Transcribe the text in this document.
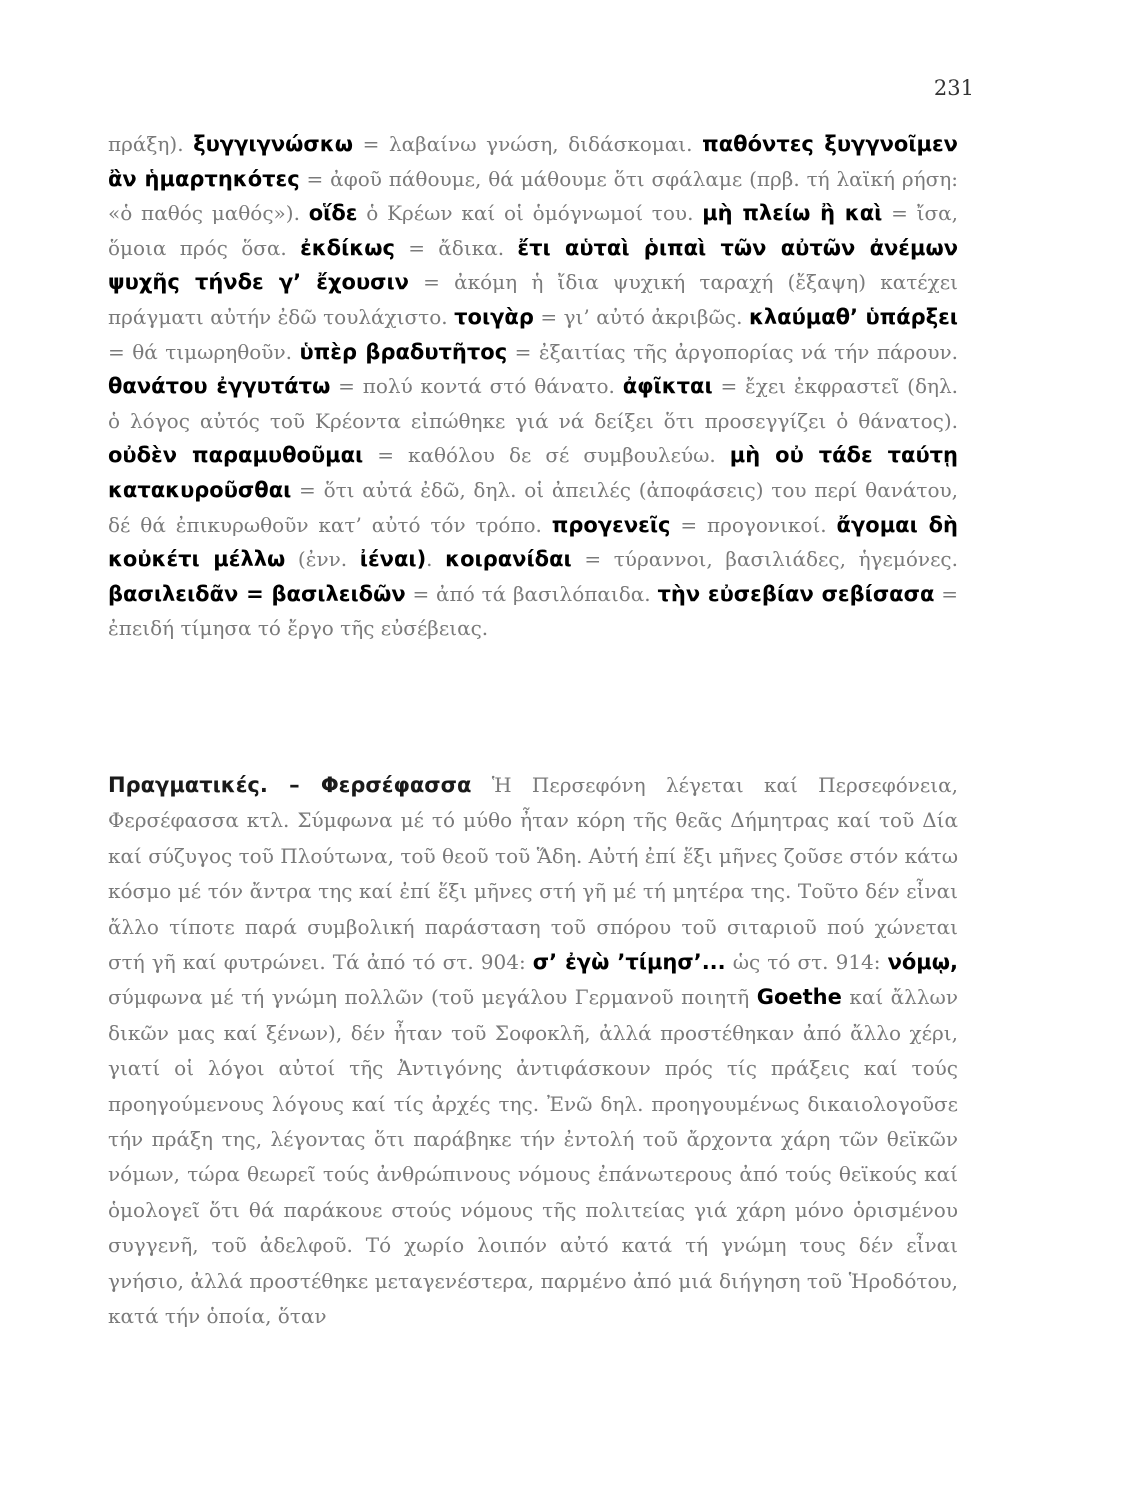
231

πράξη). ξυγγιγνώσκω = λαβαίνω γνώση, διδάσκομαι. παθόντες ξυγγνοῖμεν ἂν ἡμαρτηκότες = ἀφοῦ πάθουμε, θά μάθουμε ὅτι σφάλαμε (πρβ. τή λαϊκή ρήση: «ὁ παθός μαθός»). οἵδε ὁ Κρέων καί οἱ ὁμόγνωμοί του. μὴ πλείω ἢ καὶ = ἴσα, ὅμοια πρός ὅσα. ἐκδίκως = ἄδικα. ἔτι αὑταὶ ῥιπαὶ τῶν αὐτῶν ἀνέμων ψυχῆς τήνδε γ’ ἔχουσιν = ἀκόμη ἡ ἴδια ψυχική ταραχή (ἔξαψη) κατέχει πράγματι αὐτήν ἐδῶ τουλάχιστο. τοιγὰρ = γι’ αὐτό ἀκριβῶς. κλαύμαθ’ ὑπάρξει = θά τιμωρηθοῦν. ὑπὲρ βραδυτῆτος = ἐξαιτίας τῆς ἀργοπορίας νά τήν πάρουν. θανάτου ἐγγυτάτω = πολύ κοντά στό θάνατο. ἀφῖκται = ἔχει ἐκφραστεῖ (δηλ. ὁ λόγος αὐτός τοῦ Κρέοντα εἰπώθηκε γιά νά δείξει ὅτι προσεγγίζει ὁ θάνατος). οὐδὲν παραμυθοῦμαι = καθόλου δε σέ συμβουλεύω. μὴ οὐ τάδε ταύτῃ κατακυροῦσθαι = ὅτι αὐτά ἐδῶ, δηλ. οἱ ἀπειλές (ἀποφάσεις) του περί θανάτου, δέ θά ἐπικυρωθοῦν κατ’ αὐτό τόν τρόπο. προγενεῖς = προγονικοί. ἄγομαι δὴ κοὐκέτι μέλλω (ἐνν. ἰέναι). κοιρανίδαι = τύραννοι, βασιλιάδες, ἡγεμόνες. βασιλειδᾶν = βασιλειδῶν = ἀπό τά βασιλόπαιδα. τὴν εὐσεβίαν σεβίσασα = ἐπειδή τίμησα τό ἔργο τῆς εὐσέβειας.

Πραγματικές. – Φερσέφασσα Ἡ Περσεφόνη λέγεται καί Περσεφόνεια, Φερσέφασσα κτλ. Σύμφωνα μέ τό μύθο ἦταν κόρη τῆς θεᾶς Δήμητρας καί τοῦ Δία καί σύζυγος τοῦ Πλούτωνα, τοῦ θεοῦ τοῦ Ἅδη. Αὐτή ἐπί ἕξι μῆνες ζοῦσε στόν κάτω κόσμο μέ τόν ἄντρα της καί ἐπί ἕξι μῆνες στή γῆ μέ τή μητέρα της. Τοῦτο δέν εἶναι ἄλλο τίποτε παρά συμβολική παράσταση τοῦ σπόρου τοῦ σιταριοῦ πού χώνεται στή γῆ καί φυτρώνει. Τά ἀπό τό στ. 904: σ’ ἐγὼ ’τίμησ’... ὡς τό στ. 914: νόμῳ, σύμφωνα μέ τή γνώμη πολλῶν (τοῦ μεγάλου Γερμανοῦ ποιητῆ Goethe καί ἄλλων δικῶν μας καί ξένων), δέν ἦταν τοῦ Σοφοκλῆ, ἀλλά προστέθηκαν ἀπό ἄλλο χέρι, γιατί οἱ λόγοι αὐτοί τῆς Ἀντιγόνης ἀντιφάσκουν πρός τίς πράξεις καί τούς προηγούμενους λόγους καί τίς ἀρχές της. Ἐνῶ δηλ. προηγουμένως δικαιολογοῦσε τήν πράξη της, λέγοντας ὅτι παράβηκε τήν ἐντολή τοῦ ἄρχοντα χάρη τῶν θεϊκῶν νόμων, τώρα θεωρεῖ τούς ἀνθρώπινους νόμους ἐπάνωτερους ἀπό τούς θεϊκούς καί ὁμολογεῖ ὅτι θά παράκουε στούς νόμους τῆς πολιτείας γιά χάρη μόνο ὁρισμένου συγγενῆ, τοῦ ἀδελφοῦ. Τό χωρίο λοιπόν αὐτό κατά τή γνώμη τους δέν εἶναι γνήσιο, ἀλλά προστέθηκε μεταγενέστερα, παρμένο ἀπό μιά διήγηση τοῦ Ἡροδότου, κατά τήν ὁποία, ὅταν
